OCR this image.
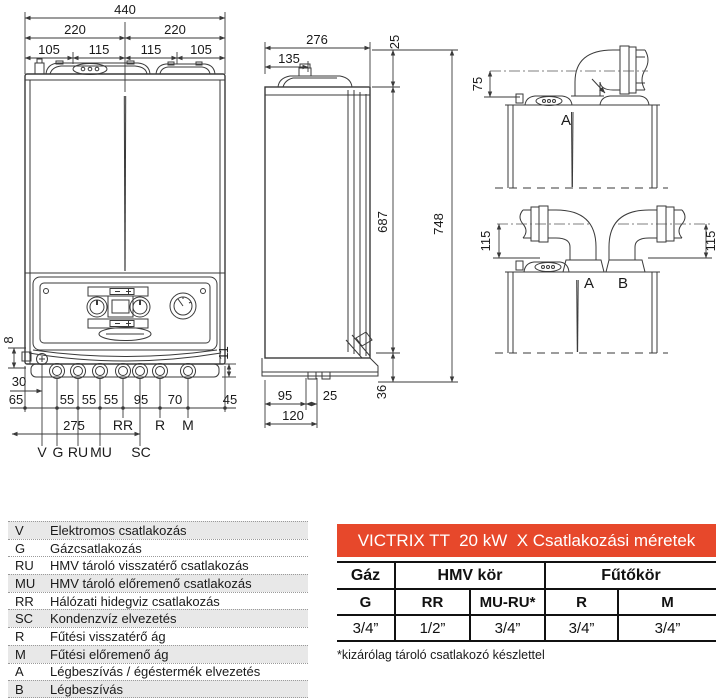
440
220	220
105 115 115 105
8
11
30
65	55 55 55 95 70	45
275 RR R M
V G RU MU SC
276
135
25
687	748
36
95 25
120
75
A
115	115
A B
V	Elektromos csatlakozás
G	Gázcsatlakozás
RU	HMV tároló visszatérő csatlakozás
MU	HMV tároló előremenő csatlakozás
RR	Hálózati hidegviz csatlakozás
SC	Kondenzvíz elvezetés
R	Fűtési visszatérő ág
M	Fűtési előremenő ág
A	Légbeszívás / égéstermék elvezetés
B	Légbeszívás
VICTRIX TT  20 kW  X Csatlakozási méretek
Gáz	HMV kör		Fűtőkör	
G	RR	MU-RU*	R	M
3/4”	1/2”	3/4”	3/4”	3/4”
*kizárólag tároló csatlakozó készlettel
